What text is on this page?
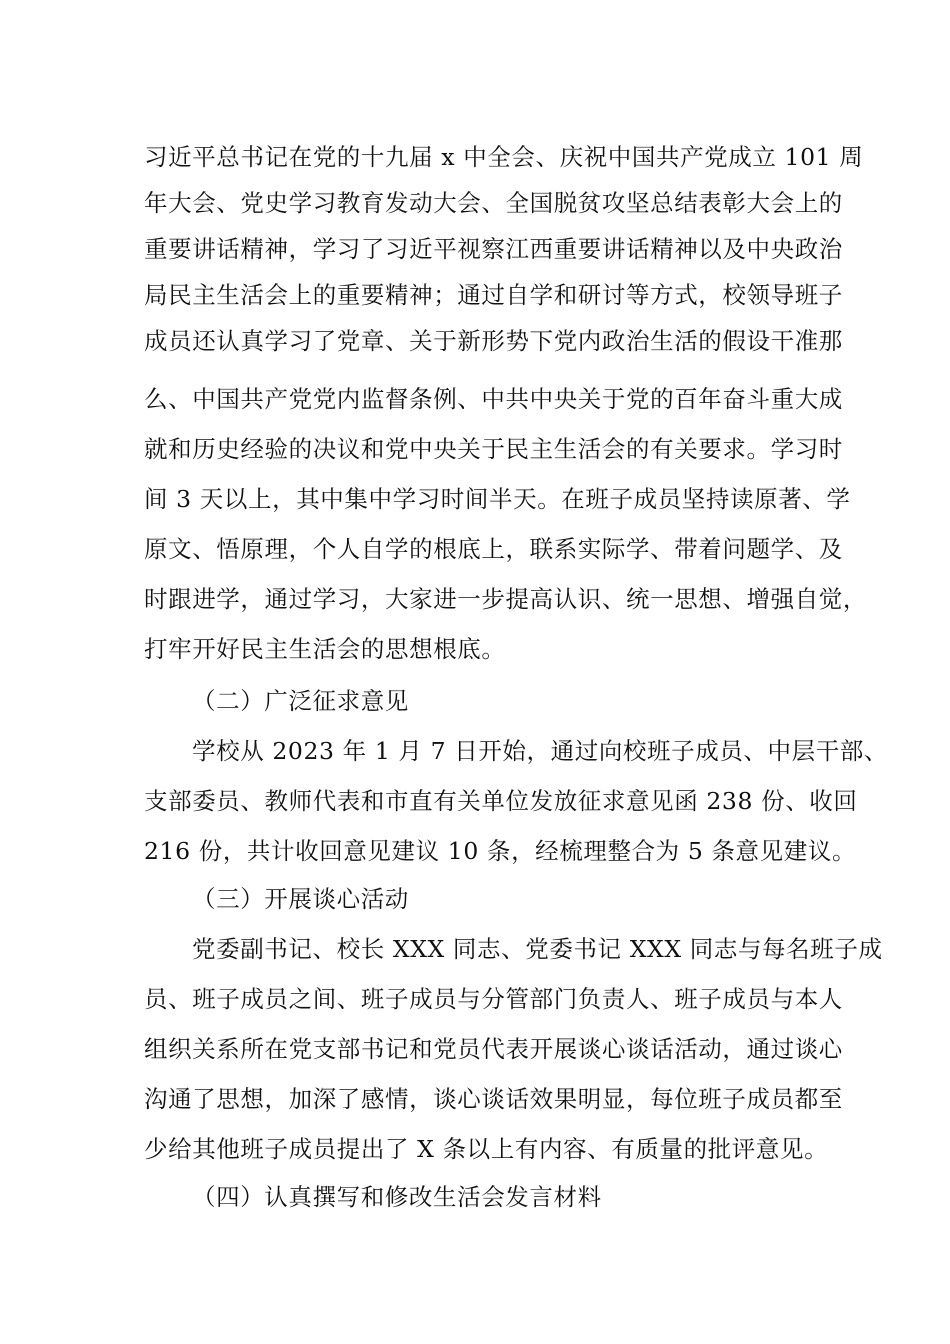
习近平总书记在党的十九届 x 中全会、庆祝中国共产党成立 101 周
年大会、党史学习教育发动大会、全国脱贫攻坚总结表彰大会上的
重要讲话精神，学习了习近平视察江西重要讲话精神以及中央政治
局民主生活会上的重要精神；通过自学和研讨等方式，校领导班子
成员还认真学习了党章、关于新形势下党内政治生活的假设干准那
么、中国共产党党内监督条例、中共中央关于党的百年奋斗重大成
就和历史经验的决议和党中央关于民主生活会的有关要求。学习时
间 3 天以上，其中集中学习时间半天。在班子成员坚持读原著、学
原文、悟原理，个人自学的根底上，联系实际学、带着问题学、及
时跟进学，通过学习，大家进一步提高认识、统一思想、增强自觉，
打牢开好民主生活会的思想根底。
（二）广泛征求意见
学校从 2023 年 1 月 7 日开始，通过向校班子成员、中层干部、
支部委员、教师代表和市直有关单位发放征求意见函 238 份、收回
216 份，共计收回意见建议 10 条，经梳理整合为 5 条意见建议。
（三）开展谈心活动
党委副书记、校长 XXX 同志、党委书记 XXX 同志与每名班子成
员、班子成员之间、班子成员与分管部门负责人、班子成员与本人
组织关系所在党支部书记和党员代表开展谈心谈话活动，通过谈心
沟通了思想，加深了感情，谈心谈话效果明显，每位班子成员都至
少给其他班子成员提出了 X 条以上有内容、有质量的批评意见。
（四）认真撰写和修改生活会发言材料
